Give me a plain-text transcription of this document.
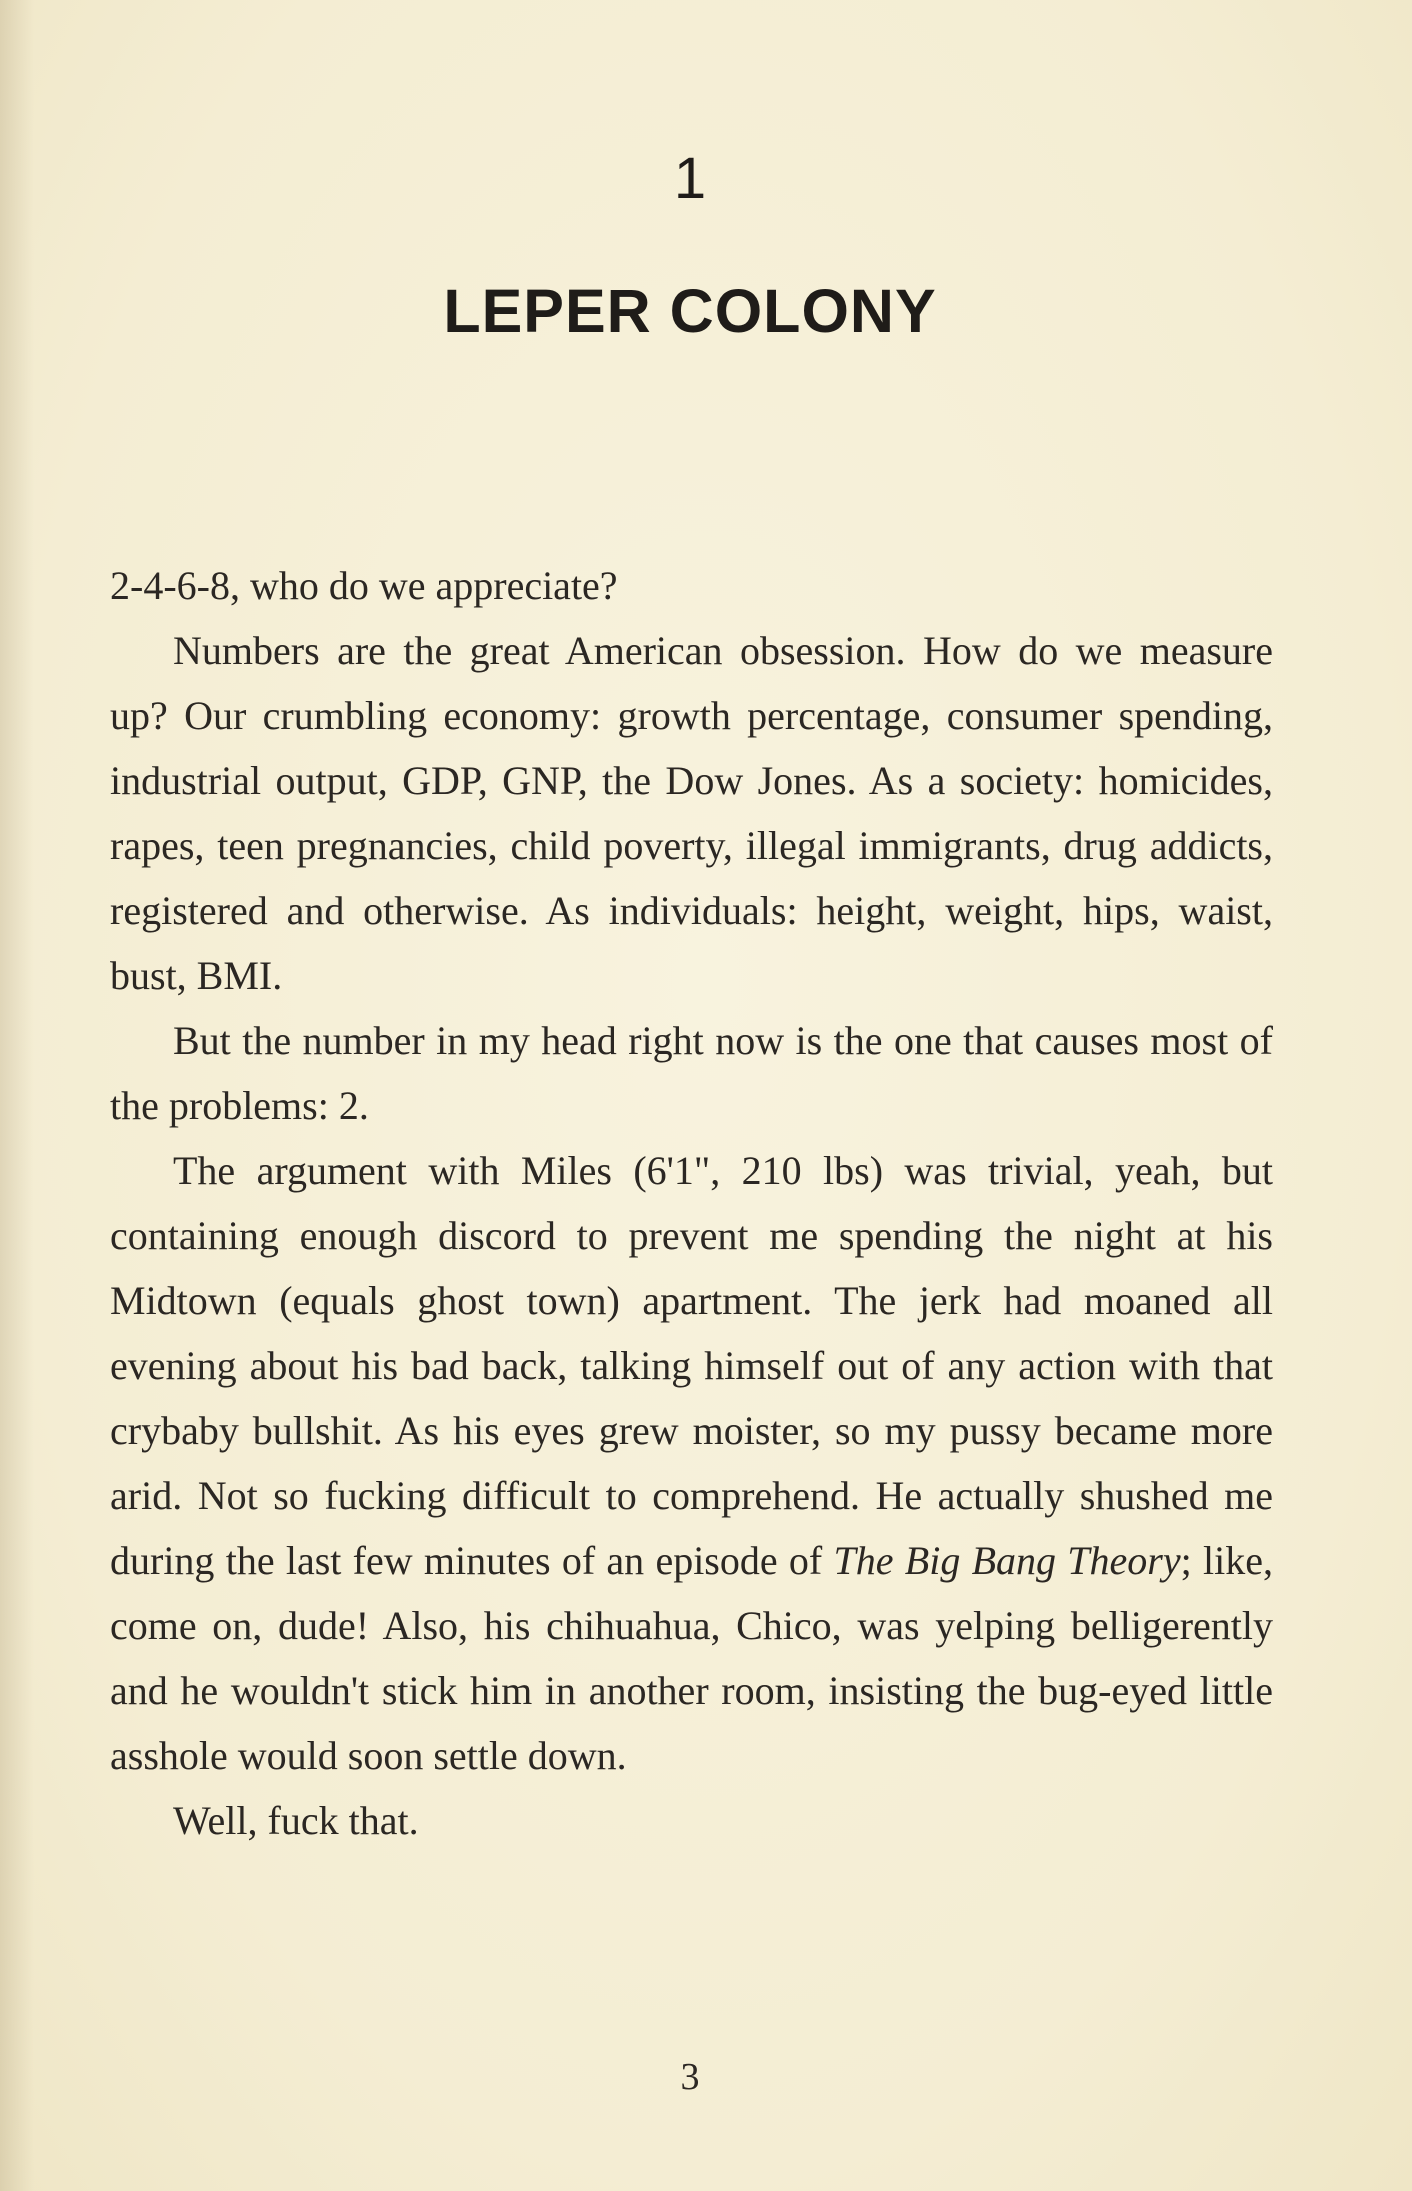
1
LEPER COLONY

2-4-6-8, who do we appreciate?

Numbers are the great American obsession. How do we measure up? Our crumbling economy: growth percentage, consumer spending, industrial output, GDP, GNP, the Dow Jones. As a society: homicides, rapes, teen pregnancies, child poverty, illegal immigrants, drug addicts, registered and otherwise. As individuals: height, weight, hips, waist, bust, BMI.

But the number in my head right now is the one that causes most of the problems: 2.

The argument with Miles (6'1", 210 lbs) was trivial, yeah, but containing enough discord to prevent me spending the night at his Midtown (equals ghost town) apartment. The jerk had moaned all evening about his bad back, talking himself out of any action with that crybaby bullshit. As his eyes grew moister, so my pussy became more arid. Not so fucking difficult to comprehend. He actually shushed me during the last few minutes of an episode of The Big Bang Theory; like, come on, dude! Also, his chihuahua, Chico, was yelping belligerently and he wouldn't stick him in another room, insisting the bug-eyed little asshole would soon settle down.

Well, fuck that.

3
